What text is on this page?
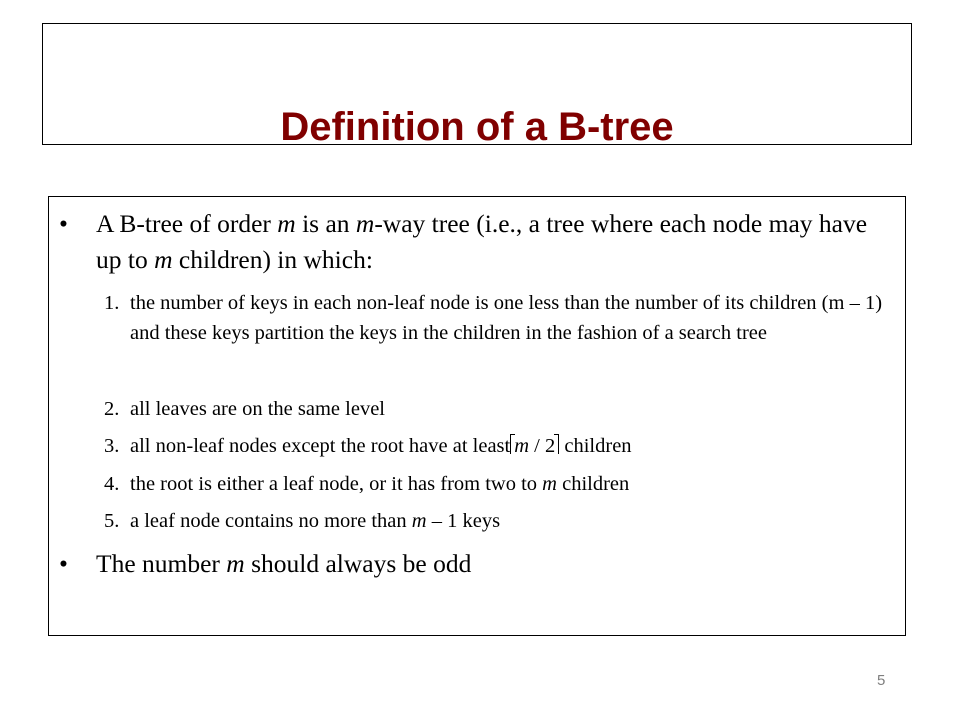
Definition of a B-tree
• A B-tree of order m is an m-way tree (i.e., a tree where each node may have up to m children) in which:
1. the number of keys in each non-leaf node is one less than the number of its children (m – 1) and these keys partition the keys in the children in the fashion of a search tree
2. all leaves are on the same level
3. all non-leaf nodes except the root have at least m / 2 children
4. the root is either a leaf node, or it has from two to m children
5. a leaf node contains no more than m – 1 keys
• The number m should always be odd
5
